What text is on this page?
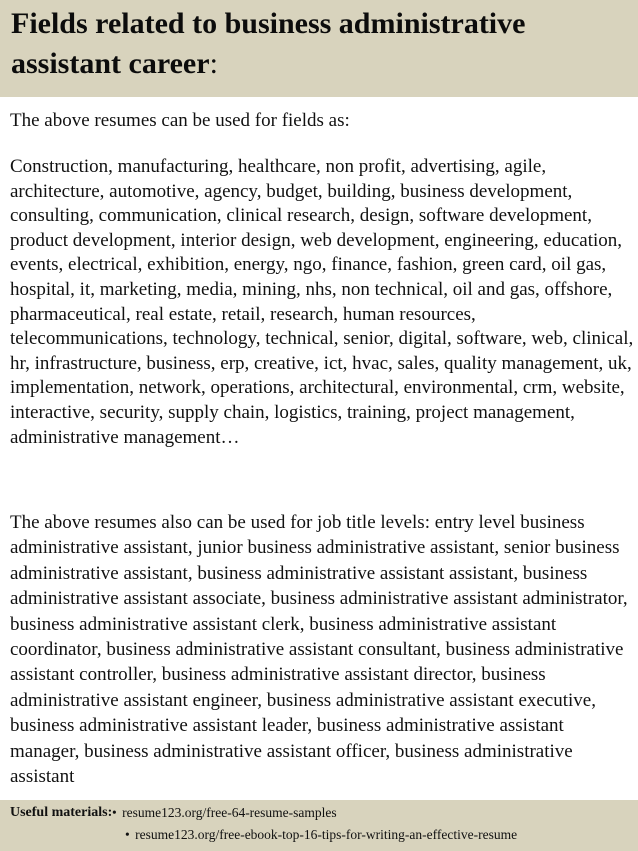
Fields related to business administrative assistant career:
The above resumes can be used for fields as:
Construction, manufacturing, healthcare, non profit, advertising, agile, architecture, automotive, agency, budget, building, business development, consulting, communication, clinical research, design, software development, product development, interior design, web development, engineering, education, events, electrical, exhibition, energy, ngo, finance, fashion, green card, oil gas, hospital, it, marketing, media, mining, nhs, non technical, oil and gas, offshore, pharmaceutical, real estate, retail, research, human resources, telecommunications, technology, technical, senior, digital, software, web, clinical, hr, infrastructure, business, erp, creative, ict, hvac, sales, quality management, uk, implementation, network, operations, architectural, environmental, crm, website, interactive, security, supply chain, logistics, training, project management, administrative management…
The above resumes also can be used for job title levels: entry level business administrative assistant, junior business administrative assistant, senior business administrative assistant, business administrative assistant assistant, business administrative assistant associate, business administrative assistant administrator, business administrative assistant clerk, business administrative assistant coordinator, business administrative assistant consultant, business administrative assistant controller, business administrative assistant director, business administrative assistant engineer, business administrative assistant executive, business administrative assistant leader, business administrative assistant manager, business administrative assistant officer, business administrative assistant
Useful materials: • resume123.org/free-64-resume-samples
• resume123.org/free-ebook-top-16-tips-for-writing-an-effective-resume
